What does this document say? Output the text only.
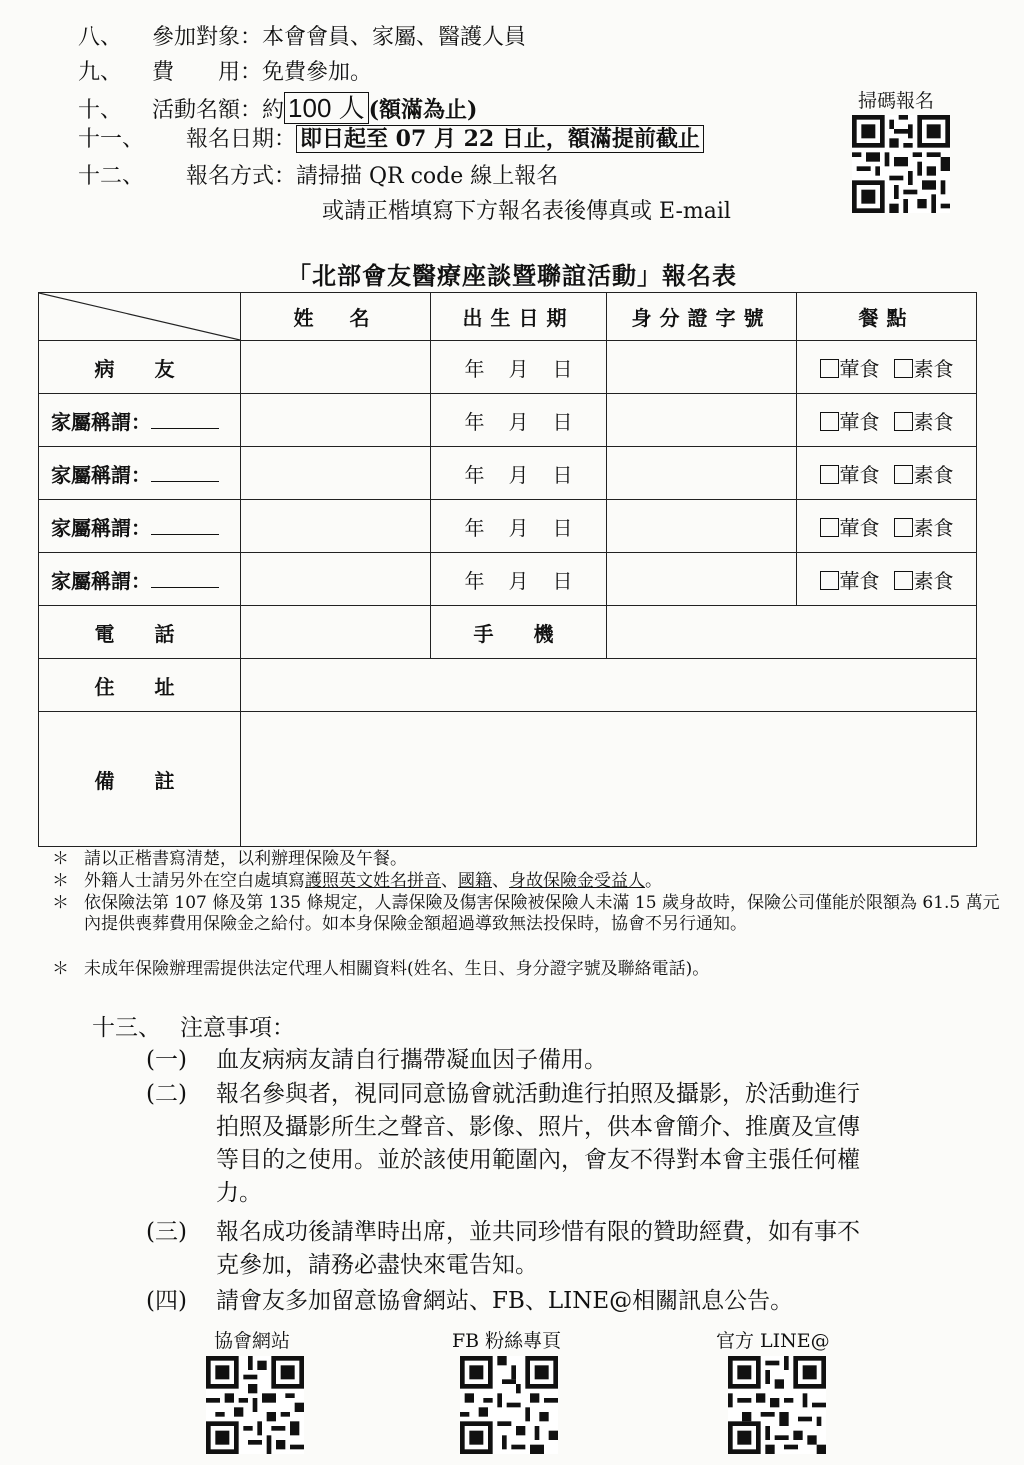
八、 參加對象：本會會員、家屬、醫護人員
九、 費　　用：免費參加。
十、 活動名額：約 100 人 (額滿為止)
十一、 報名日期： 即日起至 07 月 22 日止，額滿提前截止
十二、 報名方式：請掃描 QR code 線上報名
或請正楷填寫下方報名表後傳真或 E-mail
掃碼報名
「北部會友醫療座談暨聯誼活動」報名表
	姓　名	出生日期	身分證字號	餐點
病　友		年 月 日		葷食 素食
家屬稱謂：		年 月 日		葷食 素食
家屬稱謂：		年 月 日		葷食 素食
家屬稱謂：		年 月 日		葷食 素食
家屬稱謂：		年 月 日		葷食 素食
電　話		手　機		
住　址				
備　註				
＊ 請以正楷書寫清楚，以利辦理保險及午餐。
＊ 外籍人士請另外在空白處填寫護照英文姓名拼音、國籍、身故保險金受益人。
＊ 依保險法第 107 條及第 135 條規定，人壽保險及傷害保險被保險人未滿 15 歲身故時，保險公司僅能於限額為 61.5 萬元內提供喪葬費用保險金之給付。如本身保險金額超過導致無法投保時，協會不另行通知。
＊ 未成年保險辦理需提供法定代理人相關資料(姓名、生日、身分證字號及聯絡電話)。
十三、 注意事項：
(一) 血友病病友請自行攜帶凝血因子備用。
(二)	報名參與者，視同同意協會就活動進行拍照及攝影，於活動進行
拍照及攝影所生之聲音、影像、照片，供本會簡介、推廣及宣傳
等目的之使用。並於該使用範圍內，會友不得對本會主張任何權
力。
(三)	報名成功後請準時出席，並共同珍惜有限的贊助經費，如有事不
克參加，請務必盡快來電告知。
(四) 請會友多加留意協會網站、FB、LINE@相關訊息公告。
協會網站	FB 粉絲專頁	官方 LINE@
